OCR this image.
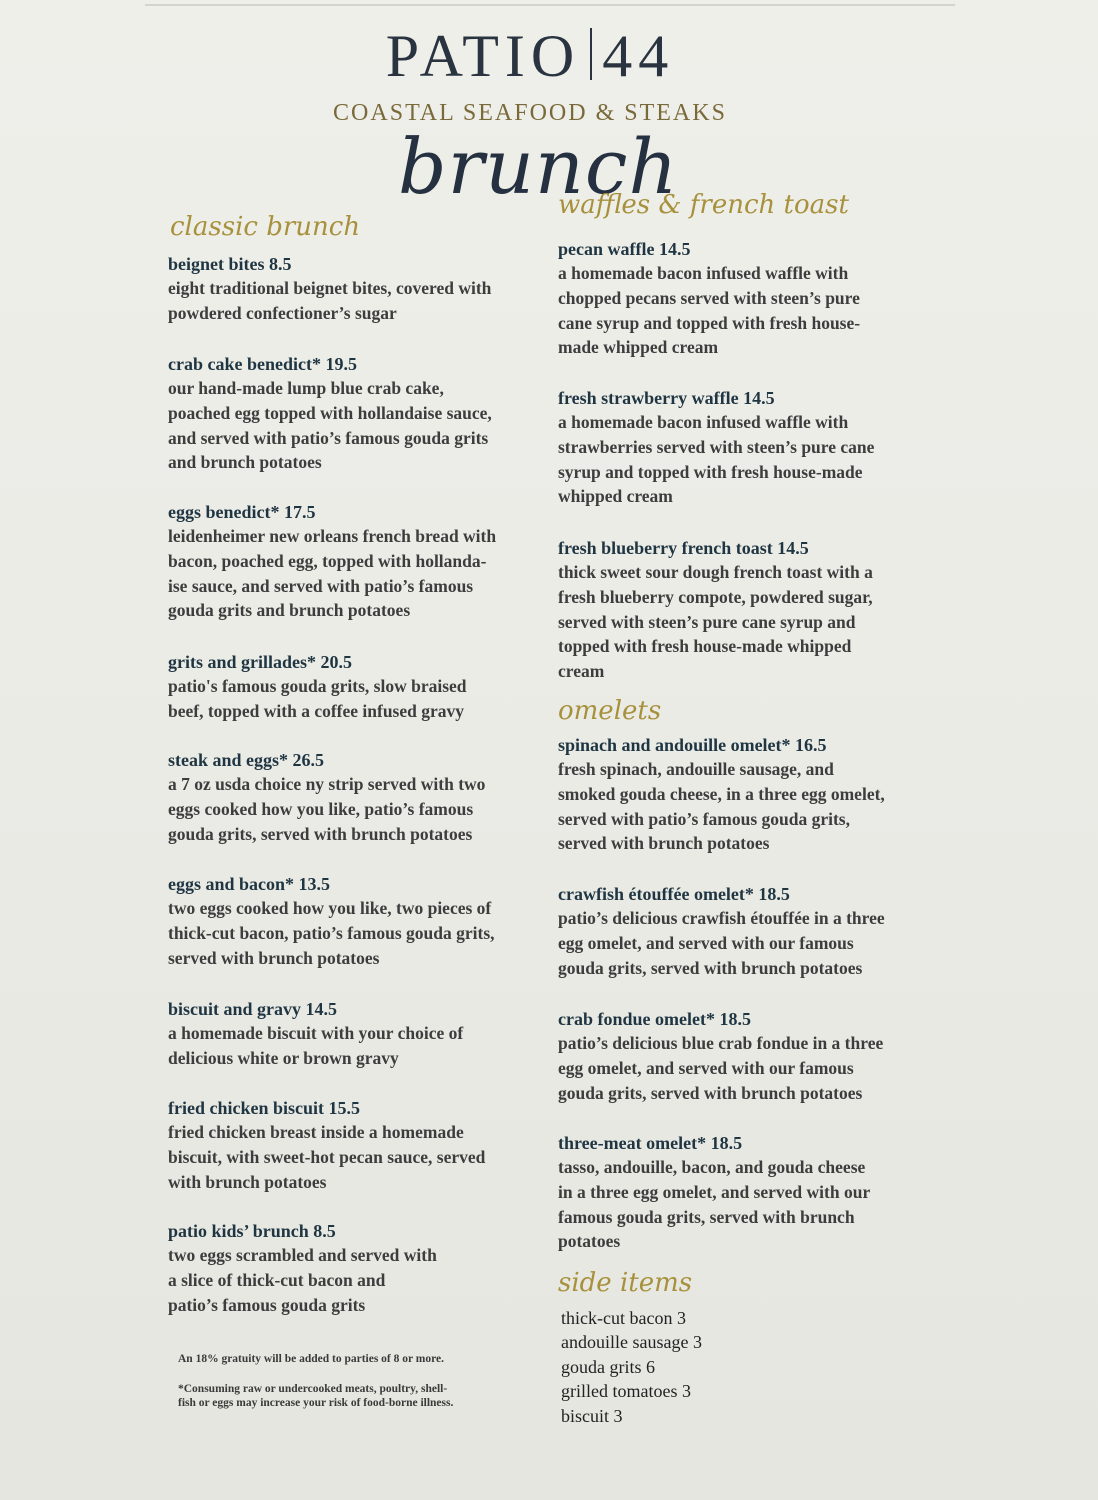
PATIO 44
COASTAL SEAFOOD & STEAKS
brunch
classic brunch
beignet bites 8.5
eight traditional beignet bites, covered with
powdered confectioner’s sugar
crab cake benedict* 19.5
our hand-made lump blue crab cake,
poached egg topped with hollandaise sauce,
and served with patio’s famous gouda grits
and brunch potatoes
eggs benedict* 17.5
leidenheimer new orleans french bread with
bacon, poached egg, topped with hollanda-
ise sauce, and served with patio’s famous
gouda grits and brunch potatoes
grits and grillades* 20.5
patio's famous gouda grits, slow braised
beef, topped with a coffee infused gravy
steak and eggs* 26.5
a 7 oz usda choice ny strip served with two
eggs cooked how you like, patio’s famous
gouda grits, served with brunch potatoes
eggs and bacon* 13.5
two eggs cooked how you like, two pieces of
thick-cut bacon, patio’s famous gouda grits,
served with brunch potatoes
biscuit and gravy 14.5
a homemade biscuit with your choice of
delicious white or brown gravy
fried chicken biscuit 15.5
fried chicken breast inside a homemade
biscuit, with sweet-hot pecan sauce, served
with brunch potatoes
patio kids’ brunch 8.5
two eggs scrambled and served with
a slice of thick-cut bacon and
patio’s famous gouda grits
An 18% gratuity will be added to parties of 8 or more.
*Consuming raw or undercooked meats, poultry, shell-
fish or eggs may increase your risk of food-borne illness.
waffles & french toast
pecan waffle 14.5
a homemade bacon infused waffle with
chopped pecans served with steen’s pure
cane syrup and topped with fresh house-
made whipped cream
fresh strawberry waffle 14.5
a homemade bacon infused waffle with
strawberries served with steen’s pure cane
syrup and topped with fresh house-made
whipped cream
fresh blueberry french toast 14.5
thick sweet sour dough french toast with a
fresh blueberry compote, powdered sugar,
served with steen’s pure cane syrup and
topped with fresh house-made whipped
cream
omelets
spinach and andouille omelet* 16.5
fresh spinach, andouille sausage, and
smoked gouda cheese, in a three egg omelet,
served with patio’s famous gouda grits,
served with brunch potatoes
crawfish étouffée omelet* 18.5
patio’s delicious crawfish étouffée in a three
egg omelet, and served with our famous
gouda grits, served with brunch potatoes
crab fondue omelet* 18.5
patio’s delicious blue crab fondue in a three
egg omelet, and served with our famous
gouda grits, served with brunch potatoes
three-meat omelet* 18.5
tasso, andouille, bacon, and gouda cheese
in a three egg omelet, and served with our
famous gouda grits, served with brunch
potatoes
side items
thick-cut bacon 3
andouille sausage 3
gouda grits 6
grilled tomatoes 3
biscuit 3
